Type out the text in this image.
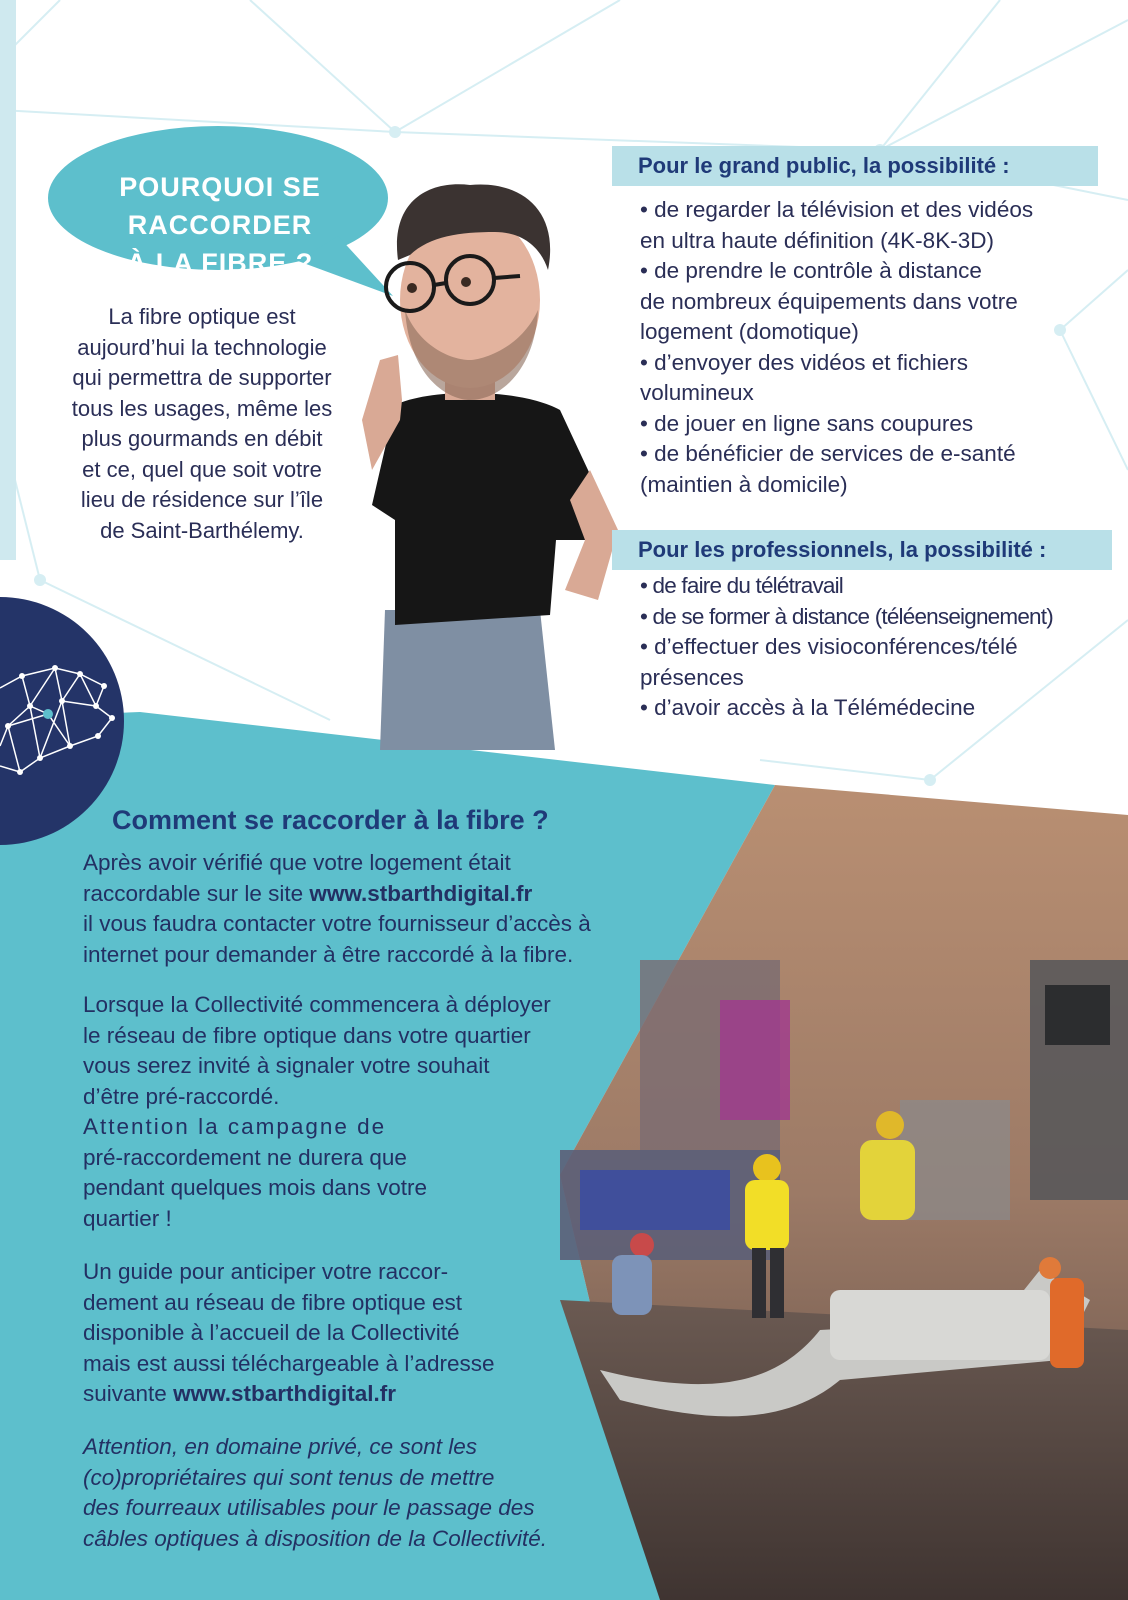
POURQUOI SE
RACCORDER
À LA FIBRE ?
La fibre optique est
aujourd’hui la technologie
qui permettra de supporter
tous les usages, même les
plus gourmands en débit
et ce, quel que soit votre
lieu de résidence sur l’île
de Saint-Barthélemy.
Pour le grand public, la possibilité :
• de regarder la télévision et des vidéos
en ultra haute définition (4K-8K-3D)
• de prendre le contrôle à distance
de nombreux équipements dans votre
logement (domotique)
• d’envoyer des vidéos et fichiers
volumineux
• de jouer en ligne sans coupures
• de bénéficier de services de e-santé
(maintien à domicile)
Pour les professionnels, la possibilité :
• de faire du télétravail
• de se former à distance (téléenseignement)
• d’effectuer des visioconférences/télé
présences
• d’avoir accès à la Télémédecine
Comment se raccorder à la fibre ?
Après avoir vérifié que votre logement était
raccordable sur le site www.stbarthdigital.fr
il vous faudra contacter votre fournisseur d’accès à
internet pour demander à être raccordé à la fibre.
Lorsque la Collectivité commencera à déployer
le réseau de fibre optique dans votre quartier
vous serez invité à signaler votre souhait
d’être pré-raccordé.
Attention la campagne de
pré-raccordement ne durera que
pendant quelques mois dans votre
quartier !
Un guide pour anticiper votre raccor-
dement au réseau de fibre optique est
disponible à l’accueil de la Collectivité
mais est aussi téléchargeable à l’adresse
suivante www.stbarthdigital.fr
Attention, en domaine privé, ce sont les
(co)propriétaires qui sont tenus de mettre
des fourreaux utilisables pour le passage des
câbles optiques à disposition de la Collectivité.
